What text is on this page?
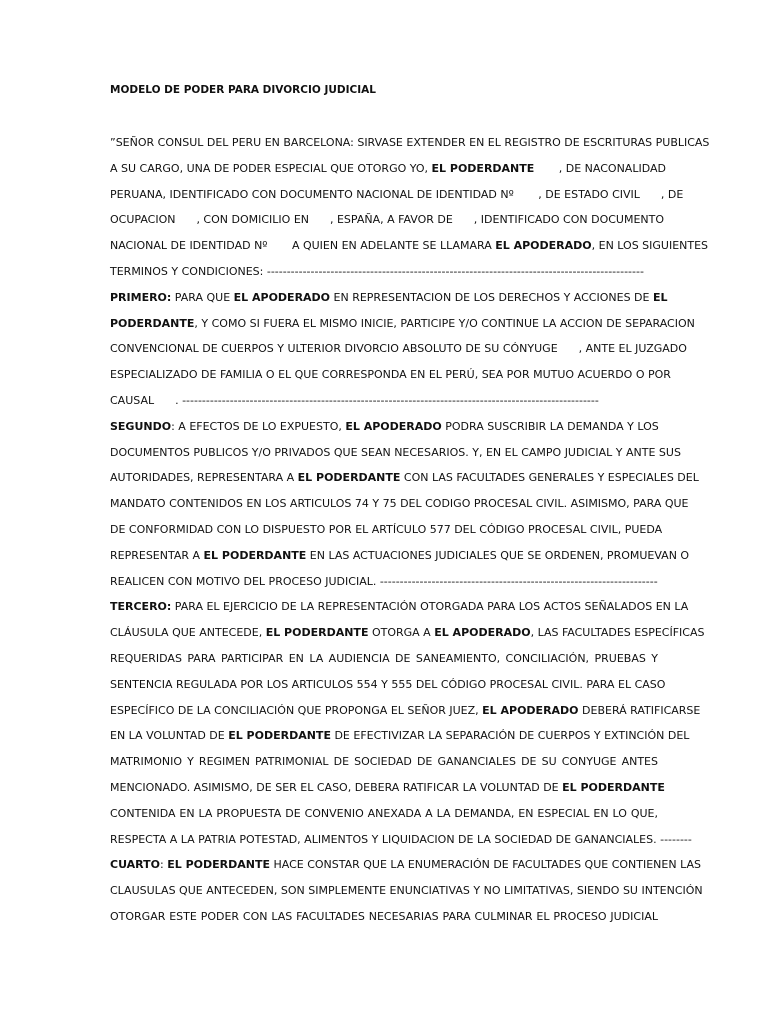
MODELO DE PODER PARA DIVORCIO JUDICIAL
”SEÑOR CONSUL DEL PERU EN BARCELONA: SIRVASE EXTENDER EN EL REGISTRO DE ESCRITURAS PUBLICAS
A SU CARGO, UNA DE PODER ESPECIAL QUE OTORGO YO, EL PODERDANTE       , DE NACONALIDAD
PERUANA, IDENTIFICADO CON DOCUMENTO NACIONAL DE IDENTIDAD Nº       , DE ESTADO CIVIL      , DE
OCUPACION      , CON DOMICILIO EN      , ESPAÑA, A FAVOR DE      , IDENTIFICADO CON DOCUMENTO
NACIONAL DE IDENTIDAD Nº       A QUIEN EN ADELANTE SE LLAMARA EL APODERADO, EN LOS SIGUIENTES
TERMINOS Y CONDICIONES: -----------------------------------------------------------------------------------------------
PRIMERO: PARA QUE EL APODERADO EN REPRESENTACION DE LOS DERECHOS Y ACCIONES DE EL
PODERDANTE, Y COMO SI FUERA EL MISMO INICIE, PARTICIPE Y/O CONTINUE LA ACCION DE SEPARACION
CONVENCIONAL DE CUERPOS Y ULTERIOR DIVORCIO ABSOLUTO DE SU CÓNYUGE      , ANTE EL JUZGADO
ESPECIALIZADO DE FAMILIA O EL QUE CORRESPONDA EN EL PERÚ, SEA POR MUTUO ACUERDO O POR
CAUSAL      . ---------------------------------------------------------------------------------------------------------
SEGUNDO: A EFECTOS DE LO EXPUESTO, EL APODERADO PODRA SUSCRIBIR LA DEMANDA Y LOS
DOCUMENTOS PUBLICOS Y/O PRIVADOS QUE SEAN NECESARIOS. Y, EN EL CAMPO JUDICIAL Y ANTE SUS
AUTORIDADES, REPRESENTARA A EL PODERDANTE CON LAS FACULTADES GENERALES Y ESPECIALES DEL
MANDATO CONTENIDOS EN LOS ARTICULOS 74 Y 75 DEL CODIGO PROCESAL CIVIL. ASIMISMO, PARA QUE
DE CONFORMIDAD CON LO DISPUESTO POR EL ARTÍCULO 577 DEL CÓDIGO PROCESAL CIVIL, PUEDA
REPRESENTAR A EL PODERDANTE EN LAS ACTUACIONES JUDICIALES QUE SE ORDENEN, PROMUEVAN O
REALICEN CON MOTIVO DEL PROCESO JUDICIAL. ----------------------------------------------------------------------
TERCERO: PARA EL EJERCICIO DE LA REPRESENTACIÓN OTORGADA PARA LOS ACTOS SEÑALADOS EN LA
CLÁUSULA QUE ANTECEDE, EL PODERDANTE OTORGA A EL APODERADO, LAS FACULTADES ESPECÍFICAS
REQUERIDAS PARA PARTICIPAR EN LA AUDIENCIA DE SANEAMIENTO, CONCILIACIÓN, PRUEBAS Y
SENTENCIA REGULADA POR LOS ARTICULOS 554 Y 555 DEL CÓDIGO PROCESAL CIVIL. PARA EL CASO
ESPECÍFICO DE LA CONCILIACIÓN QUE PROPONGA EL SEÑOR JUEZ, EL APODERADO DEBERÁ RATIFICARSE
EN LA VOLUNTAD DE EL PODERDANTE DE EFECTIVIZAR LA SEPARACIÓN DE CUERPOS Y EXTINCIÓN DEL
MATRIMONIO Y REGIMEN PATRIMONIAL DE SOCIEDAD DE GANANCIALES DE SU CONYUGE ANTES
MENCIONADO. ASIMISMO, DE SER EL CASO, DEBERA RATIFICAR LA VOLUNTAD DE EL PODERDANTE
CONTENIDA EN LA PROPUESTA DE CONVENIO ANEXADA A LA DEMANDA, EN ESPECIAL EN LO QUE,
RESPECTA A LA PATRIA POTESTAD, ALIMENTOS Y LIQUIDACION DE LA SOCIEDAD DE GANANCIALES. --------
CUARTO: EL PODERDANTE HACE CONSTAR QUE LA ENUMERACIÓN DE FACULTADES QUE CONTIENEN LAS
CLAUSULAS QUE ANTECEDEN, SON SIMPLEMENTE ENUNCIATIVAS Y NO LIMITATIVAS, SIENDO SU INTENCIÓN
OTORGAR ESTE PODER CON LAS FACULTADES NECESARIAS PARA CULMINAR EL PROCESO JUDICIAL
